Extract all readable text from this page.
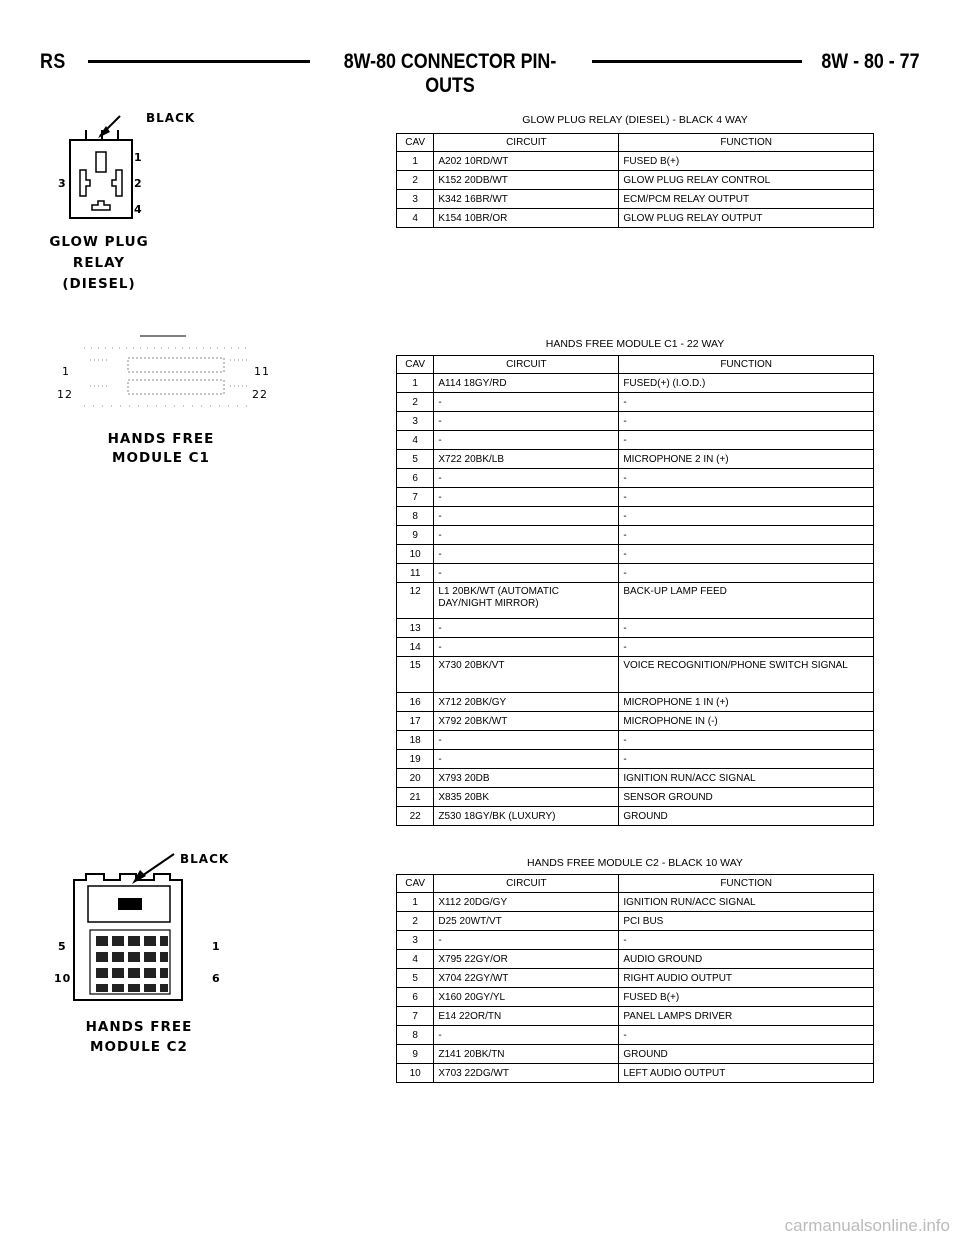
RS	8W-80 CONNECTOR PIN-OUTS
8W - 80 - 77
BLACK
1
2
3
4
GLOW PLUG
RELAY
(DIESEL)
GLOW PLUG RELAY (DIESEL) - BLACK 4 WAY
CAV	CIRCUIT	FUNCTION
1	A202 10RD/WT	FUSED B(+)
2	K152 20DB/WT	GLOW PLUG RELAY CONTROL
3	K342 16BR/WT	ECM/PCM RELAY OUTPUT
4	K154 10BR/OR	GLOW PLUG RELAY OUTPUT
1	11
12	22
HANDS FREE
MODULE C1
HANDS FREE MODULE C1 - 22 WAY
CAV	CIRCUIT	FUNCTION
1	A114 18GY/RD	FUSED(+) (I.O.D.)
2	-	-
3	-	-
4	-	-
5	X722 20BK/LB	MICROPHONE 2 IN (+)
6	-	-
7	-	-
8	-	-
9	-	-
10	-	-
11	-	-
12	L1 20BK/WT (AUTOMATIC DAY/NIGHT MIRROR)	BACK-UP LAMP FEED
13	-	-
14	-	-
15	X730 20BK/VT	VOICE RECOGNITION/PHONE SWITCH SIGNAL
16	X712 20BK/GY	MICROPHONE 1 IN (+)
17	X792 20BK/WT	MICROPHONE IN (-)
18	-	-
19	-	-
20	X793 20DB	IGNITION RUN/ACC SIGNAL
21	X835 20BK	SENSOR GROUND
22	Z530 18GY/BK (LUXURY)	GROUND
BLACK
5	1
10	6
HANDS FREE
MODULE C2
HANDS FREE MODULE C2 - BLACK 10 WAY
CAV	CIRCUIT	FUNCTION
1	X112 20DG/GY	IGNITION RUN/ACC SIGNAL
2	D25 20WT/VT	PCI BUS
3	-	-
4	X795 22GY/OR	AUDIO GROUND
5	X704 22GY/WT	RIGHT AUDIO OUTPUT
6	X160 20GY/YL	FUSED B(+)
7	E14 22OR/TN	PANEL LAMPS DRIVER
8	-	-
9	Z141 20BK/TN	GROUND
10	X703 22DG/WT	LEFT AUDIO OUTPUT
carmanualsonline.info
